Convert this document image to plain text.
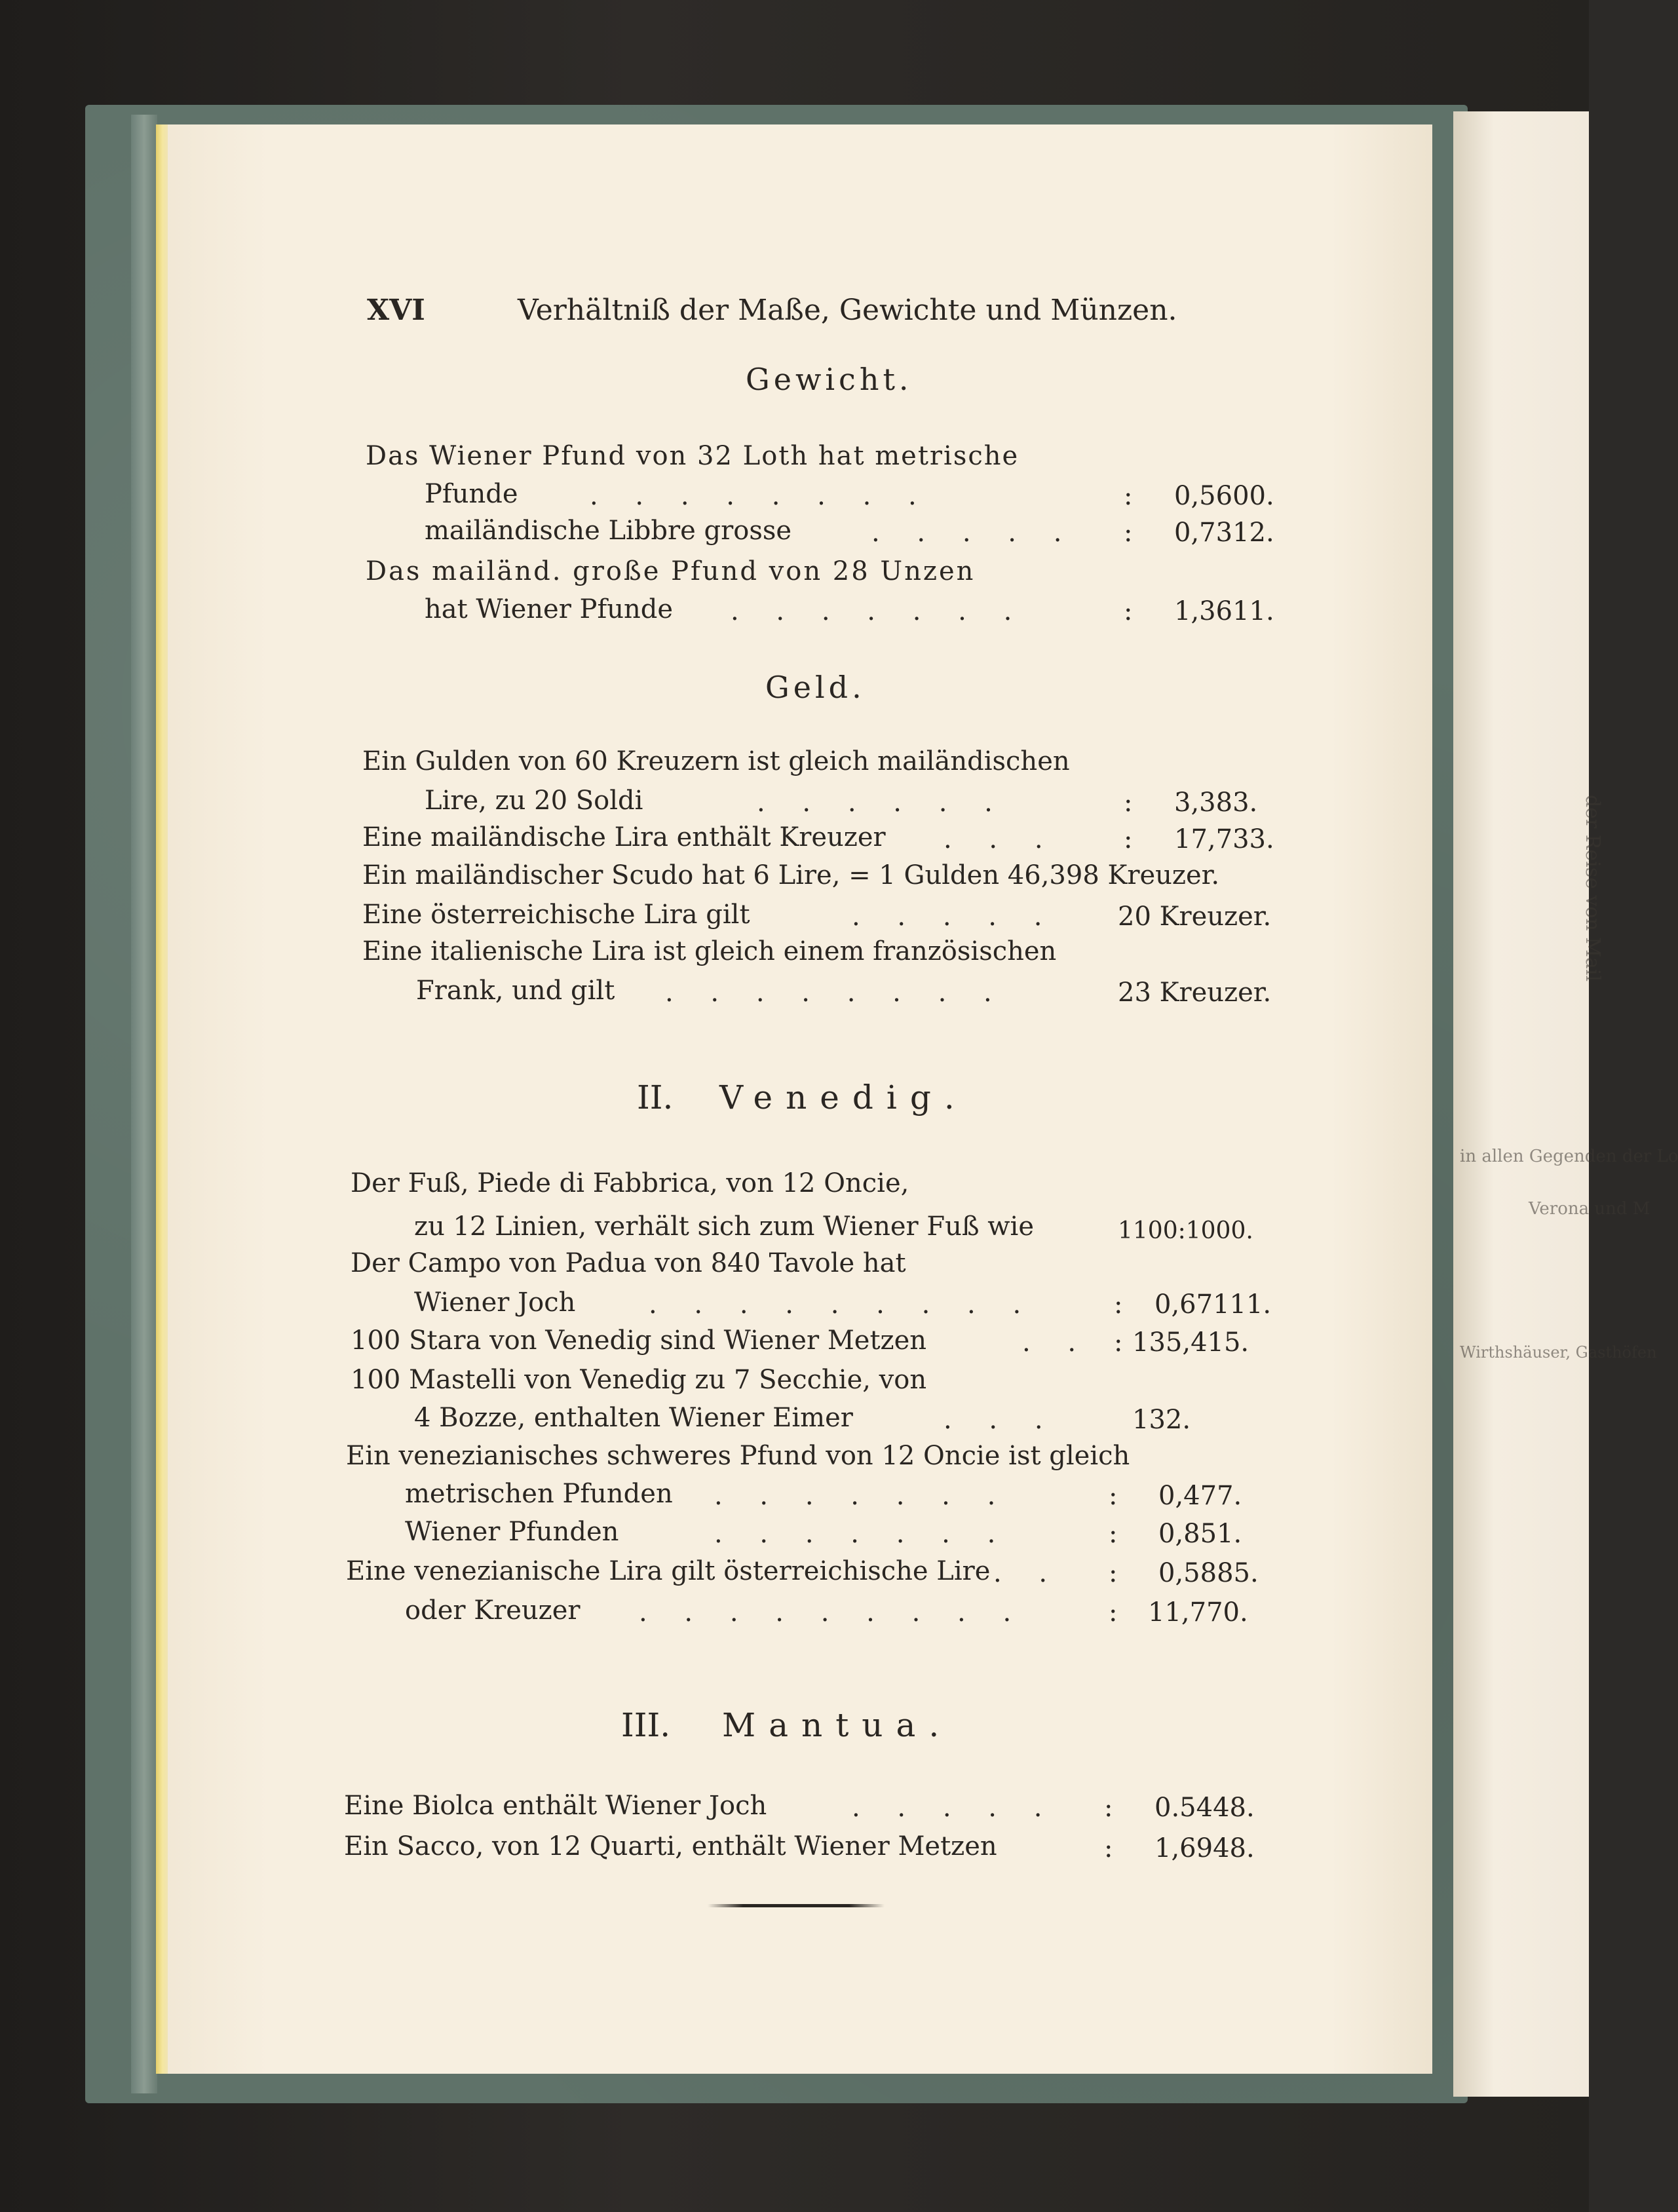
der Reise von Mail
in allen Gegenden der Lo
Verona und M
Wirthshäuser, Gasthöfen
XVI	Verhältniß der Maße, Gewichte und Münzen.
Gewicht.
Das Wiener Pfund von 32 Loth hat metrische
Pfunde	. . . . . . . .	: 0,5600.
mailändische Libbre grosse	. . . . . : 0,7312.
Das mailänd. große Pfund von 28 Unzen
hat Wiener Pfunde . . . . . . .	: 1,3611.
Geld.
Ein Gulden von 60 Kreuzern ist gleich mailändischen
Lire, zu 20 Soldi	. . . . . .	: 3,383.
Eine mailändische Lira enthält Kreuzer . . .	: 17,733.
Ein mailändischer Scudo hat 6 Lire, = 1 Gulden 46,398 Kreuzer.
Eine österreichische Lira gilt	. . . . . 20 Kreuzer.
Eine italienische Lira ist gleich einem französischen
Frank, und gilt . . . . . . . .	23 Kreuzer.
II. Venedig.
Der Fuß, Piede di Fabbrica, von 12 Oncie,
zu 12 Linien, verhält sich zum Wiener Fuß wie	1100:1000.
Der Campo von Padua von 840 Tavole hat
Wiener Joch	. . . . . . . . .	: 0,67111.
100 Stara von Venedig sind Wiener Metzen	. . : 135,415.
100 Mastelli von Venedig zu 7 Secchie, von
4 Bozze, enthalten Wiener Eimer	. . .	132.
Ein venezianisches schweres Pfund von 12 Oncie ist gleich
metrischen Pfunden . . . . . . .	: 0,477.
Wiener Pfunden	. . . . . . .	: 0,851.
Eine venezianische Lira gilt österreichische Lire . . : 0,5885.
oder Kreuzer . . . . . . . . .	: 11,770.
III. Mantua.
Eine Biolca enthält Wiener Joch	. . . . . : 0.5448.
Ein Sacco, von 12 Quarti, enthält Wiener Metzen	: 1,6948.
